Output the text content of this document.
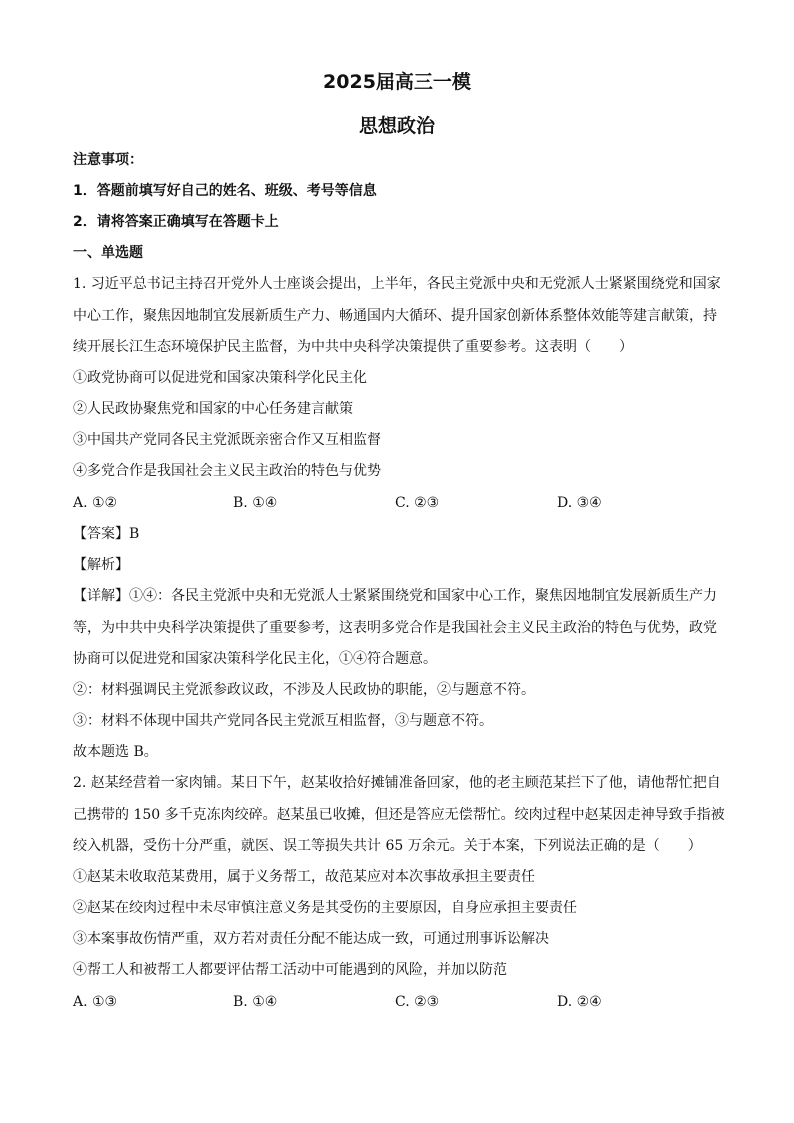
2025届高三一模
思想政治
注意事项：
1．答题前填写好自己的姓名、班级、考号等信息
2．请将答案正确填写在答题卡上
一、单选题
1. 习近平总书记主持召开党外人士座谈会提出，上半年，各民主党派中央和无党派人士紧紧围绕党和国家
中心工作，聚焦因地制宜发展新质生产力、畅通国内大循环、提升国家创新体系整体效能等建言献策，持
续开展长江生态环境保护民主监督，为中共中央科学决策提供了重要参考。这表明（　　）
①政党协商可以促进党和国家决策科学化民主化
②人民政协聚焦党和国家的中心任务建言献策
③中国共产党同各民主党派既亲密合作又互相监督
④多党合作是我国社会主义民主政治的特色与优势
A. ①②	B. ①④	C. ②③	D. ③④
【答案】B
【解析】
【详解】①④：各民主党派中央和无党派人士紧紧围绕党和国家中心工作，聚焦因地制宜发展新质生产力
等，为中共中央科学决策提供了重要参考，这表明多党合作是我国社会主义民主政治的特色与优势，政党
协商可以促进党和国家决策科学化民主化，①④符合题意。
②：材料强调民主党派参政议政，不涉及人民政协的职能，②与题意不符。
③：材料不体现中国共产党同各民主党派互相监督，③与题意不符。
故本题选 B。
2. 赵某经营着一家肉铺。某日下午，赵某收拾好摊铺准备回家，他的老主顾范某拦下了他，请他帮忙把自
己携带的 150 多千克冻肉绞碎。赵某虽已收摊，但还是答应无偿帮忙。绞肉过程中赵某因走神导致手指被
绞入机器，受伤十分严重，就医、误工等损失共计 65 万余元。关于本案，下列说法正确的是（　　）
①赵某未收取范某费用，属于义务帮工，故范某应对本次事故承担主要责任
②赵某在绞肉过程中未尽审慎注意义务是其受伤的主要原因，自身应承担主要责任
③本案事故伤情严重，双方若对责任分配不能达成一致，可通过刑事诉讼解决
④帮工人和被帮工人都要评估帮工活动中可能遇到的风险，并加以防范
A. ①③	B. ①④	C. ②③	D. ②④
